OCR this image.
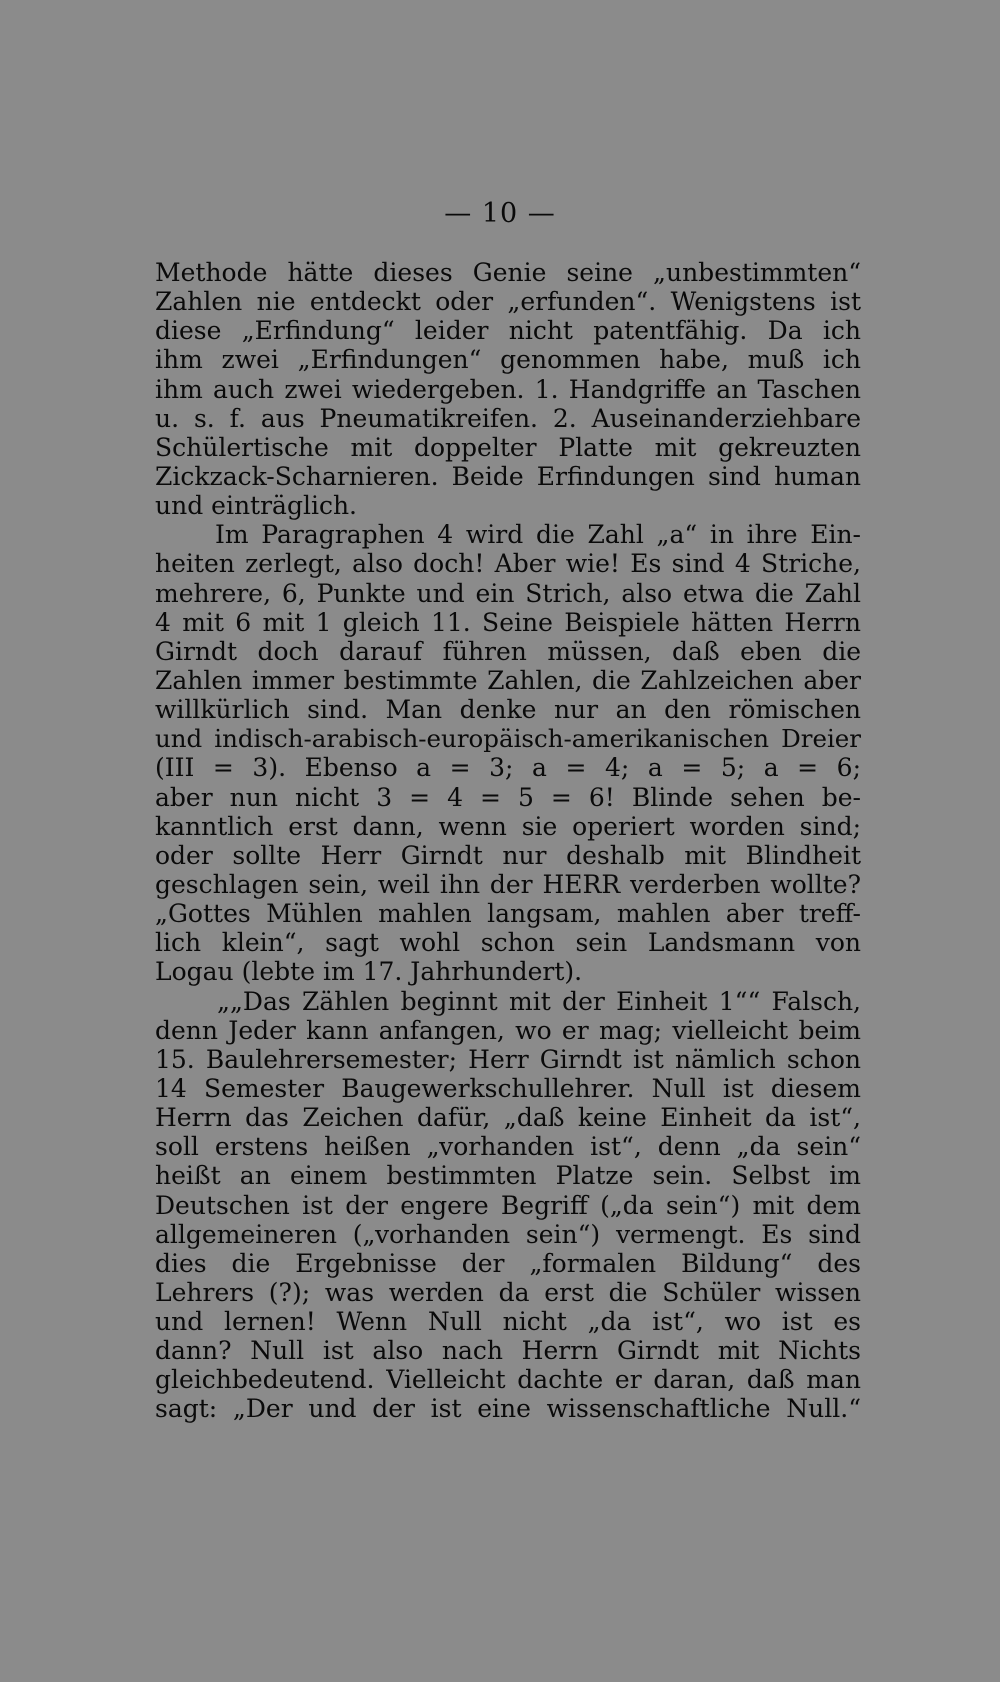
— 10 —
Methode hätte dieses Genie seine „unbestimmten“
Zahlen nie entdeckt oder „erfunden“. Wenigstens ist
diese „Erfindung“ leider nicht patentfähig. Da ich
ihm zwei „Erfindungen“ genommen habe, muß ich
ihm auch zwei wiedergeben. 1. Handgriffe an Taschen
u. s. f. aus Pneumatikreifen. 2. Auseinanderziehbare
Schülertische mit doppelter Platte mit gekreuzten
Zickzack-Scharnieren. Beide Erfindungen sind human
und einträglich.
Im Paragraphen 4 wird die Zahl „a“ in ihre Ein-
heiten zerlegt, also doch! Aber wie! Es sind 4 Striche,
mehrere, 6, Punkte und ein Strich, also etwa die Zahl
4 mit 6 mit 1 gleich 11. Seine Beispiele hätten Herrn
Girndt doch darauf führen müssen, daß eben die
Zahlen immer bestimmte Zahlen, die Zahlzeichen aber
willkürlich sind. Man denke nur an den römischen
und indisch-arabisch-europäisch-amerikanischen Dreier
(III = 3). Ebenso a = 3; a = 4; a = 5; a = 6;
aber nun nicht 3 = 4 = 5 = 6! Blinde sehen be-
kanntlich erst dann, wenn sie operiert worden sind;
oder sollte Herr Girndt nur deshalb mit Blindheit
geschlagen sein, weil ihn der HERR verderben wollte?
„Gottes Mühlen mahlen langsam, mahlen aber treff-
lich klein“, sagt wohl schon sein Landsmann von
Logau (lebte im 17. Jahrhundert).
„„Das Zählen beginnt mit der Einheit 1““ Falsch,
denn Jeder kann anfangen, wo er mag; vielleicht beim
15. Baulehrersemester; Herr Girndt ist nämlich schon
14 Semester Baugewerkschullehrer. Null ist diesem
Herrn das Zeichen dafür, „daß keine Einheit da ist“,
soll erstens heißen „vorhanden ist“, denn „da sein“
heißt an einem bestimmten Platze sein. Selbst im
Deutschen ist der engere Begriff („da sein“) mit dem
allgemeineren („vorhanden sein“) vermengt. Es sind
dies die Ergebnisse der „formalen Bildung“ des
Lehrers (?); was werden da erst die Schüler wissen
und lernen! Wenn Null nicht „da ist“, wo ist es
dann? Null ist also nach Herrn Girndt mit Nichts
gleichbedeutend. Vielleicht dachte er daran, daß man
sagt: „Der und der ist eine wissenschaftliche Null.“
